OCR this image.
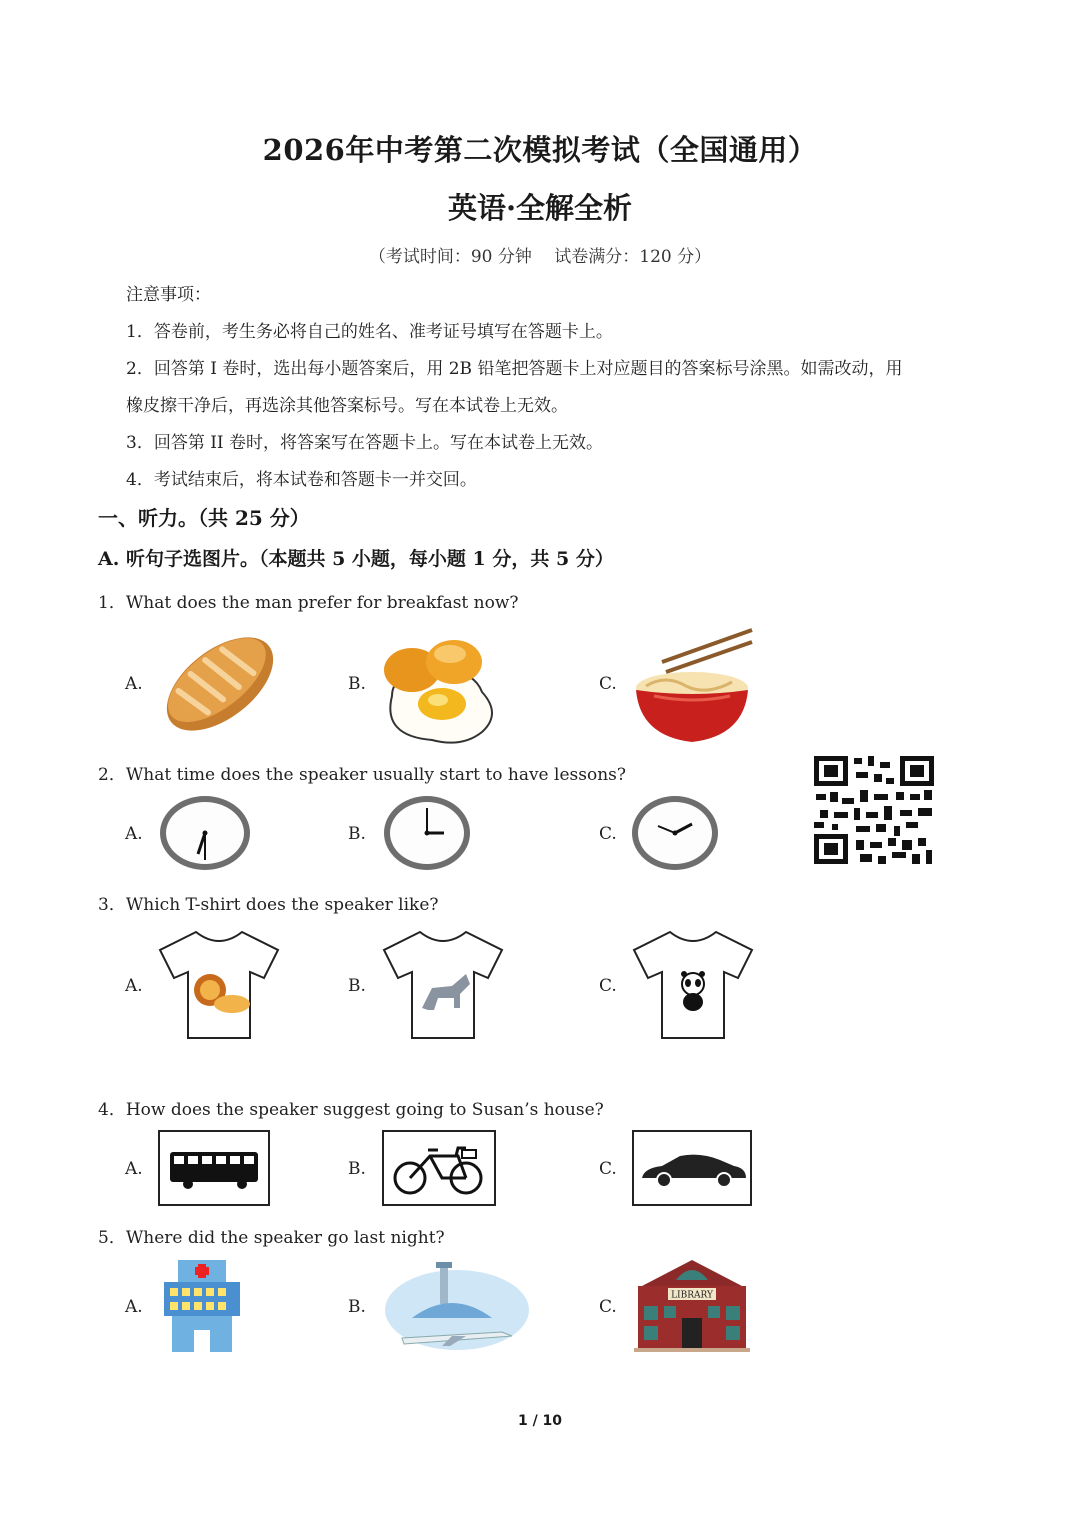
2026年中考第二次模拟考试（全国通用）
英语·全解全析
（考试时间：90 分钟　 试卷满分：120 分）
注意事项：
1．答卷前，考生务必将自己的姓名、准考证号填写在答题卡上。
2．回答第 I 卷时，选出每小题答案后，用 2B 铅笔把答题卡上对应题目的答案标号涂黑。如需改动，用
橡皮擦干净后，再选涂其他答案标号。写在本试卷上无效。
3．回答第 II 卷时，将答案写在答题卡上。写在本试卷上无效。
4．考试结束后，将本试卷和答题卡一并交回。
一、听力。（共 25 分）
A. 听句子选图片。（本题共 5 小题，每小题 1 分，共 5 分）
1．What does the man prefer for breakfast now?
A.	B.	C.
2．What time does the speaker usually start to have lessons?
A.	B.	C.
3．Which T-shirt does the speaker like?
A.	B.	C.
4．How does the speaker suggest going to Susan’s house?
A.	B.	C.
5．Where did the speaker go last night?
A.	B.	C.
LIBRARY
1 / 10
